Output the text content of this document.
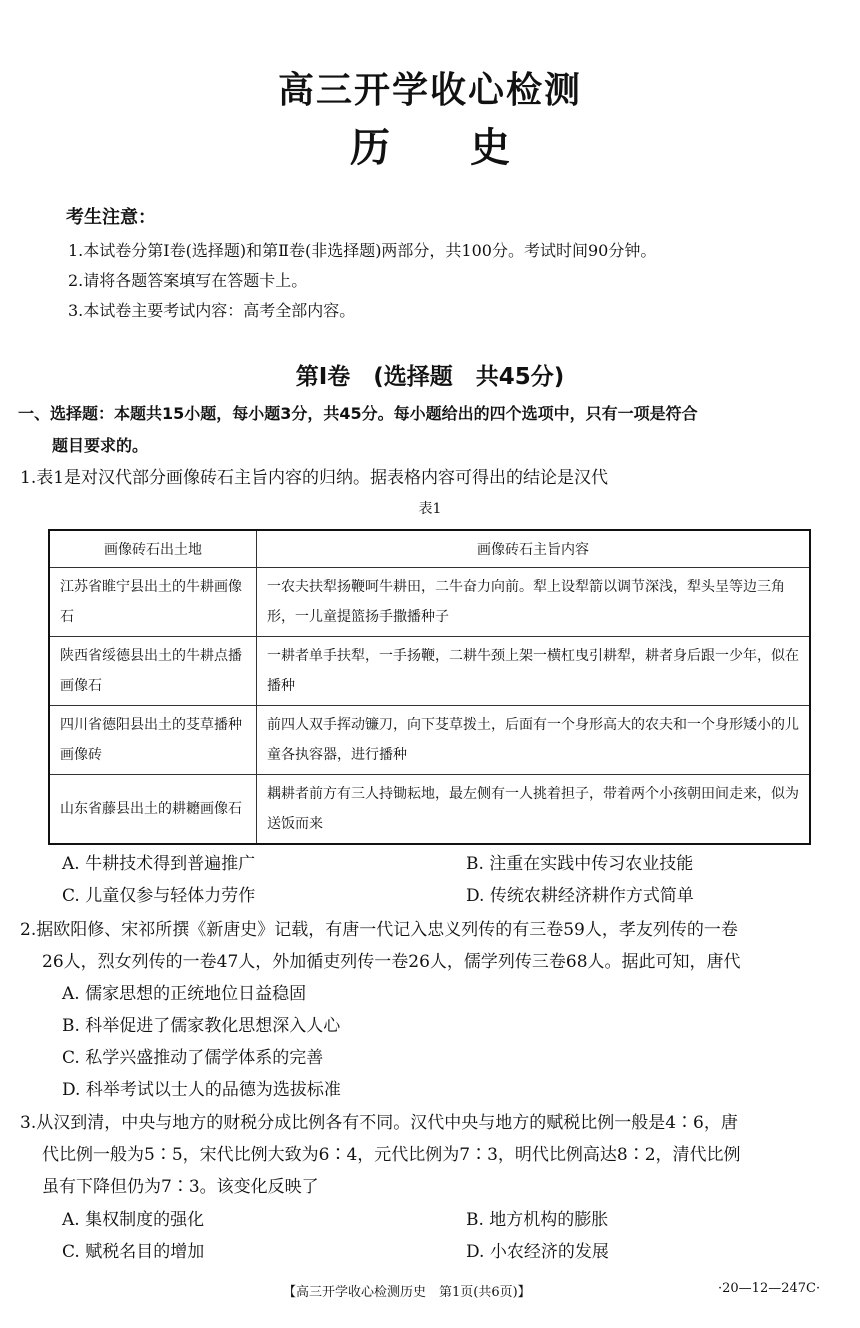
高三开学收心检测
历　　史
考生注意：
1.本试卷分第Ⅰ卷(选择题)和第Ⅱ卷(非选择题)两部分，共100分。考试时间90分钟。
2.请将各题答案填写在答题卡上。
3.本试卷主要考试内容：高考全部内容。
第Ⅰ卷　(选择题　共45分)
一、选择题：本题共15小题，每小题3分，共45分。每小题给出的四个选项中，只有一项是符合
题目要求的。
1.表1是对汉代部分画像砖石主旨内容的归纳。据表格内容可得出的结论是汉代
表1
画像砖石出土地	画像砖石主旨内容
江苏省睢宁县出土的牛耕画像石	一农夫扶犁扬鞭呵牛耕田，二牛奋力向前。犁上设犁箭以调节深浅，犁头呈等边三角形，一儿童提篮扬手撒播种子
陕西省绥德县出土的牛耕点播画像石	一耕者单手扶犁，一手扬鞭，二耕牛颈上架一横杠曳引耕犁，耕者身后跟一少年，似在播种
四川省德阳县出土的芟草播种画像砖	前四人双手挥动镰刀，向下芟草拨土，后面有一个身形高大的农夫和一个身形矮小的儿童各执容器，进行播种
山东省藤县出土的耕耱画像石	耦耕者前方有三人持锄耘地，最左侧有一人挑着担子，带着两个小孩朝田间走来，似为送饭而来
A. 牛耕技术得到普遍推广	B. 注重在实践中传习农业技能
C. 儿童仅参与轻体力劳作	D. 传统农耕经济耕作方式简单
2.据欧阳修、宋祁所撰《新唐史》记载，有唐一代记入忠义列传的有三卷59人，孝友列传的一卷
26人，烈女列传的一卷47人，外加循吏列传一卷26人，儒学列传三卷68人。据此可知，唐代
A. 儒家思想的正统地位日益稳固
B. 科举促进了儒家教化思想深入人心
C. 私学兴盛推动了儒学体系的完善
D. 科举考试以士人的品德为选拔标准
3.从汉到清，中央与地方的财税分成比例各有不同。汉代中央与地方的赋税比例一般是4∶6，唐
代比例一般为5∶5，宋代比例大致为6∶4，元代比例为7∶3，明代比例高达8∶2，清代比例
虽有下降但仍为7∶3。该变化反映了
A. 集权制度的强化	B. 地方机构的膨胀
C. 赋税名目的增加	D. 小农经济的发展
【高三开学收心检测历史　第1页(共6页)】	·20—12—247C·
